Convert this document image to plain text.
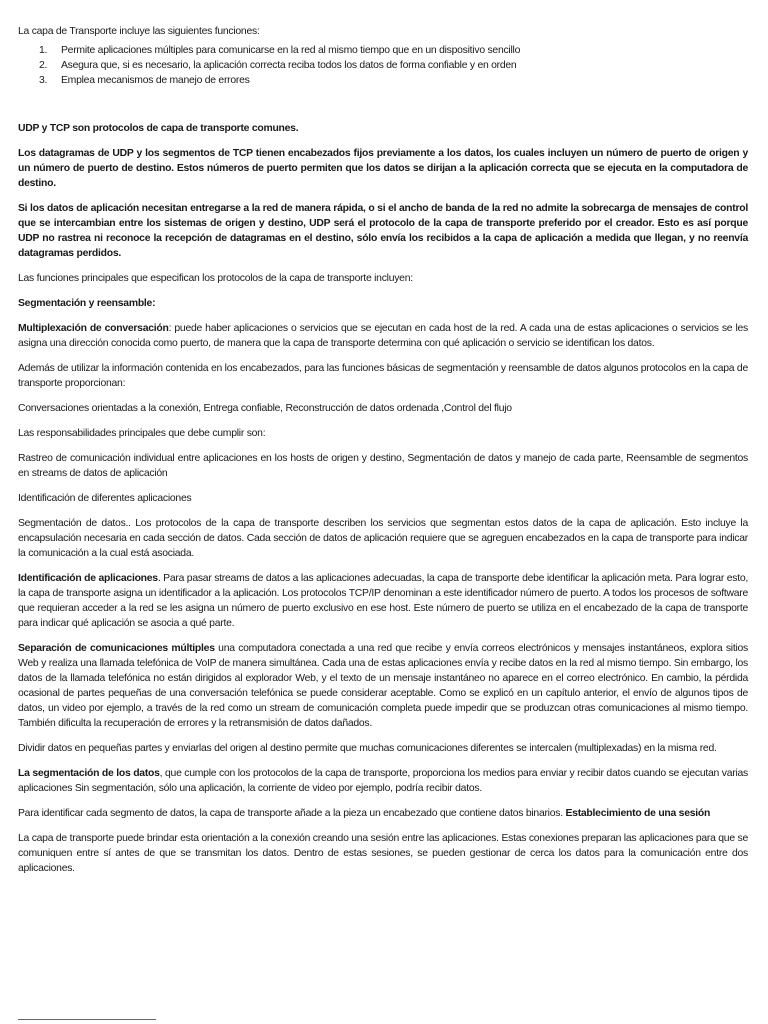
La capa de Transporte incluye las siguientes funciones:

1. Permite aplicaciones múltiples para comunicarse en la red al mismo tiempo que en un dispositivo sencillo
2. Asegura que, si es necesario, la aplicación correcta reciba todos los datos de forma confiable y en orden
3. Emplea mecanismos de manejo de errores

UDP y TCP son protocolos de capa de transporte comunes.

Los datagramas de UDP y los segmentos de TCP tienen encabezados fijos previamente a los datos, los cuales incluyen un número de puerto de origen y un número de puerto de destino. Estos números de puerto permiten que los datos se dirijan a la aplicación correcta que se ejecuta en la computadora de destino.

Si los datos de aplicación necesitan entregarse a la red de manera rápida, o si el ancho de banda de la red no admite la sobrecarga de mensajes de control que se intercambian entre los sistemas de origen y destino, UDP será el protocolo de la capa de transporte preferido por el creador. Esto es así porque UDP no rastrea ni reconoce la recepción de datagramas en el destino, sólo envía los recibidos a la capa de aplicación a medida que llegan, y no reenvía datagramas perdidos.

Las funciones principales que especifican los protocolos de la capa de transporte incluyen:

Segmentación y reensamble:

Multiplexación de conversación: puede haber aplicaciones o servicios que se ejecutan en cada host de la red. A cada una de estas aplicaciones o servicios se les asigna una dirección conocida como puerto, de manera que la capa de transporte determina con qué aplicación o servicio se identifican los datos.

Además de utilizar la información contenida en los encabezados, para las funciones básicas de segmentación y reensamble de datos algunos protocolos en la capa de transporte proporcionan:

Conversaciones orientadas a la conexión, Entrega confiable, Reconstrucción de datos ordenada ,Control del flujo

Las responsabilidades principales que debe cumplir son:

Rastreo de comunicación individual entre aplicaciones en los hosts de origen y destino, Segmentación de datos y manejo de cada parte, Reensamble de segmentos en streams de datos de aplicación

Identificación de diferentes aplicaciones

Segmentación de datos.. Los protocolos de la capa de transporte describen los servicios que segmentan estos datos de la capa de aplicación. Esto incluye la encapsulación necesaria en cada sección de datos. Cada sección de datos de aplicación requiere que se agreguen encabezados en la capa de transporte para indicar la comunicación a la cual está asociada.

Identificación de aplicaciones. Para pasar streams de datos a las aplicaciones adecuadas, la capa de transporte debe identificar la aplicación meta. Para lograr esto, la capa de transporte asigna un identificador a la aplicación. Los protocolos TCP/IP denominan a este identificador número de puerto. A todos los procesos de software que requieran acceder a la red se les asigna un número de puerto exclusivo en ese host. Este número de puerto se utiliza en el encabezado de la capa de transporte para indicar qué aplicación se asocia a qué parte.

Separación de comunicaciones múltiples una computadora conectada a una red que recibe y envía correos electrónicos y mensajes instantáneos, explora sitios Web y realiza una llamada telefónica de VoIP de manera simultánea. Cada una de estas aplicaciones envía y recibe datos en la red al mismo tiempo. Sin embargo, los datos de la llamada telefónica no están dirigidos al explorador Web, y el texto de un mensaje instantáneo no aparece en el correo electrónico. En cambio, la pérdida ocasional de partes pequeñas de una conversación telefónica se puede considerar aceptable. Como se explicó en un capítulo anterior, el envío de algunos tipos de datos, un video por ejemplo, a través de la red como un stream de comunicación completa puede impedir que se produzcan otras comunicaciones al mismo tiempo. También dificulta la recuperación de errores y la retransmisión de datos dañados.

Dividir datos en pequeñas partes y enviarlas del origen al destino permite que muchas comunicaciones diferentes se intercalen (multiplexadas) en la misma red.

La segmentación de los datos, que cumple con los protocolos de la capa de transporte, proporciona los medios para enviar y recibir datos cuando se ejecutan varias aplicaciones Sin segmentación, sólo una aplicación, la corriente de video por ejemplo, podría recibir datos.

Para identificar cada segmento de datos, la capa de transporte añade a la pieza un encabezado que contiene datos binarios. Establecimiento de una sesión

La capa de transporte puede brindar esta orientación a la conexión creando una sesión entre las aplicaciones. Estas conexiones preparan las aplicaciones para que se comuniquen entre sí antes de que se transmitan los datos. Dentro de estas sesiones, se pueden gestionar de cerca los datos para la comunicación entre dos aplicaciones.
